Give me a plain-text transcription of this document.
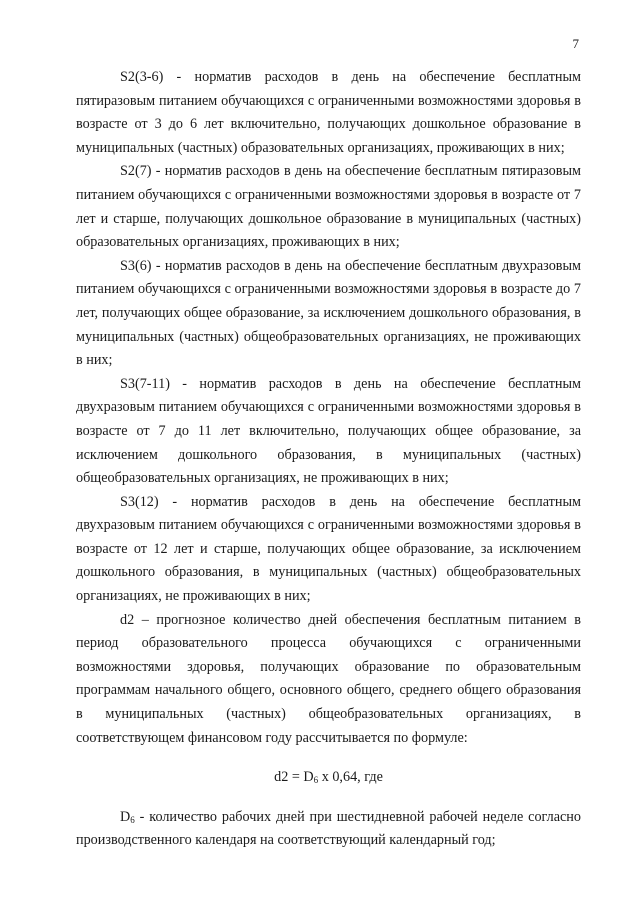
7

S2(3-6) - норматив расходов в день на обеспечение бесплатным пятиразовым питанием обучающихся с ограниченными возможностями здоровья в возрасте от 3 до 6 лет включительно, получающих дошкольное образование в муниципальных (частных) образовательных организациях, проживающих в них;

S2(7) - норматив расходов в день на обеспечение бесплатным пятиразовым питанием обучающихся с ограниченными возможностями здоровья в возрасте от 7 лет и старше, получающих дошкольное образование в муниципальных (частных) образовательных организациях, проживающих в них;

S3(6) - норматив расходов в день на обеспечение бесплатным двухразовым питанием обучающихся с ограниченными возможностями здоровья в возрасте до 7 лет, получающих общее образование, за исключением дошкольного образования, в муниципальных (частных) общеобразовательных организациях, не проживающих в них;

S3(7-11) - норматив расходов в день на обеспечение бесплатным двухразовым питанием обучающихся с ограниченными возможностями здоровья в возрасте от 7 до 11 лет включительно, получающих общее образование, за исключением дошкольного образования, в муниципальных (частных) общеобразовательных организациях, не проживающих в них;

S3(12) - норматив расходов в день на обеспечение бесплатным двухразовым питанием обучающихся с ограниченными возможностями здоровья в возрасте от 12 лет и старше, получающих общее образование, за исключением дошкольного образования, в муниципальных (частных) общеобразовательных организациях, не проживающих в них;

d2 – прогнозное количество дней обеспечения бесплатным питанием в период образовательного процесса обучающихся с ограниченными возможностями здоровья, получающих образование по образовательным программам начального общего, основного общего, среднего общего образования в муниципальных (частных) общеобразовательных организациях, в соответствующем финансовом году рассчитывается по формуле:

$d2 = D_6$ х 0,64, где

$D_6$ - количество рабочих дней при шестидневной рабочей неделе согласно производственного календаря на соответствующий календарный год;
